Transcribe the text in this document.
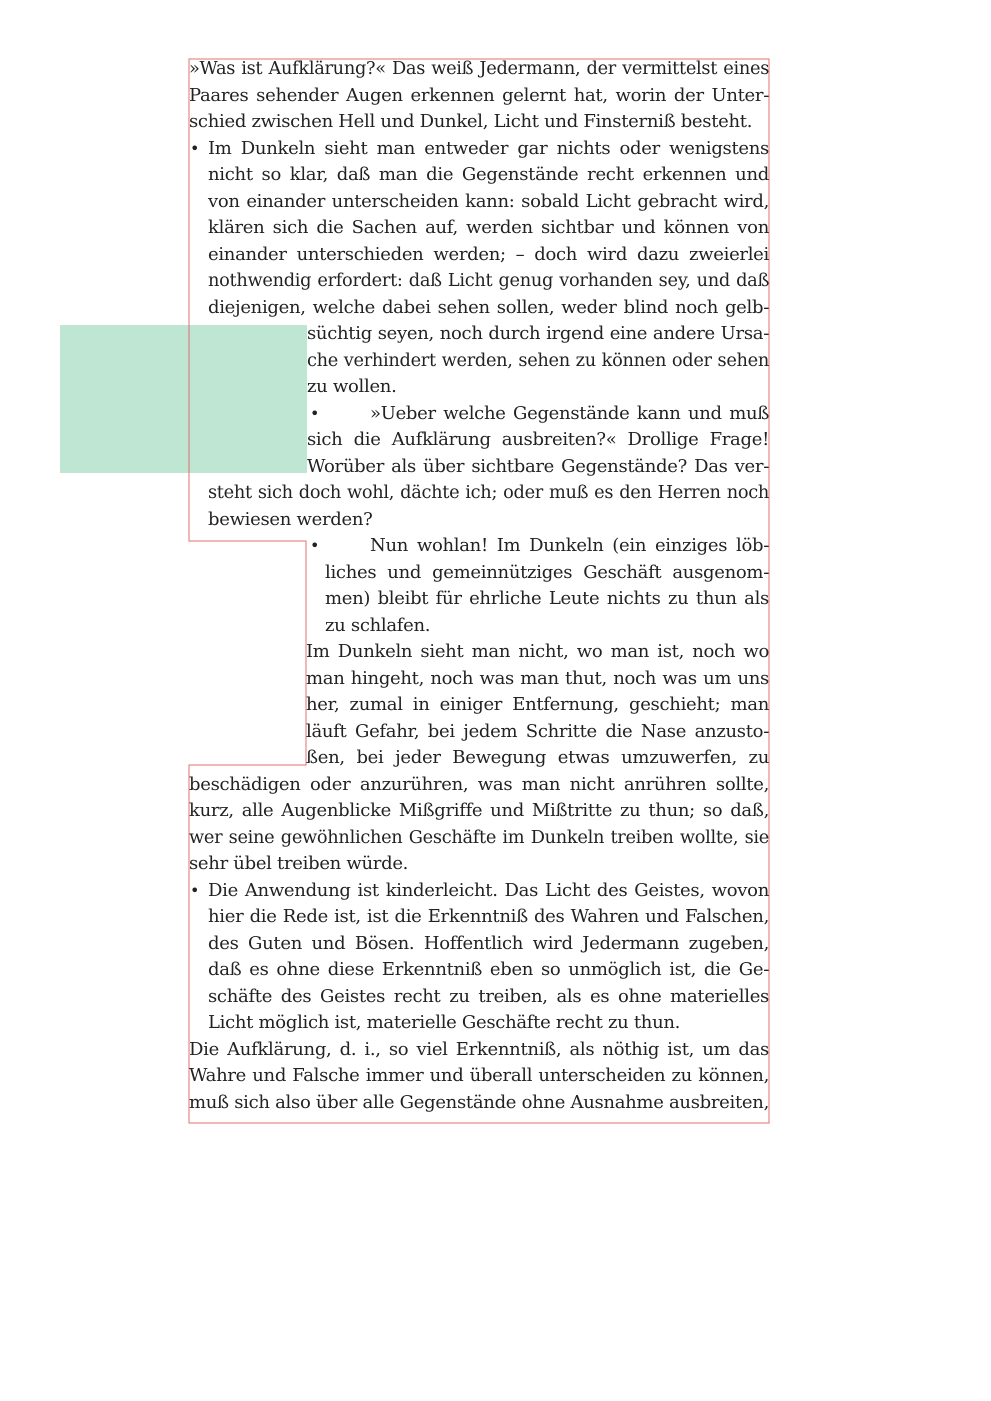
»Was ist Aufklärung?« Das weiß Jedermann, der vermittelst eines
Paares sehender Augen erkennen gelernt hat, worin der Unter-
schied zwischen Hell und Dunkel, Licht und Finsterniß besteht.
• Im Dunkeln sieht man entweder gar nichts oder wenigstens
nicht so klar, daß man die Gegenstände recht erkennen und
von einander unterscheiden kann: sobald Licht gebracht wird,
klären sich die Sachen auf, werden sichtbar und können von
einander unterschieden werden; – doch wird dazu zweierlei
nothwendig erfordert: daß Licht genug vorhanden sey, und daß
diejenigen, welche dabei sehen sollen, weder blind noch gelb-
süchtig seyen, noch durch irgend eine andere Ursa-
che verhindert werden, sehen zu können oder sehen
zu wollen.
•	»Ueber welche Gegenstände kann und muß
sich die Aufklärung ausbreiten?« Drollige Frage!
Worüber als über sichtbare Gegenstände? Das ver-
steht sich doch wohl, dächte ich; oder muß es den Herren noch
bewiesen werden?
•	Nun wohlan! Im Dunkeln (ein einziges löb-
liches und gemeinnütziges Geschäft ausgenom-
men) bleibt für ehrliche Leute nichts zu thun als
zu schlafen.
Im Dunkeln sieht man nicht, wo man ist, noch wo
man hingeht, noch was man thut, noch was um uns
her, zumal in einiger Entfernung, geschieht; man
läuft Gefahr, bei jedem Schritte die Nase anzusto-
ßen, bei jeder Bewegung etwas umzuwerfen, zu
beschädigen oder anzurühren, was man nicht anrühren sollte,
kurz, alle Augenblicke Mißgriffe und Mißtritte zu thun; so daß,
wer seine gewöhnlichen Geschäfte im Dunkeln treiben wollte, sie
sehr übel treiben würde.
• Die Anwendung ist kinderleicht. Das Licht des Geistes, wovon
hier die Rede ist, ist die Erkenntniß des Wahren und Falschen,
des Guten und Bösen. Hoffentlich wird Jedermann zugeben,
daß es ohne diese Erkenntniß eben so unmöglich ist, die Ge-
schäfte des Geistes recht zu treiben, als es ohne materielles
Licht möglich ist, materielle Geschäfte recht zu thun.
Die Aufklärung, d. i., so viel Erkenntniß, als nöthig ist, um das
Wahre und Falsche immer und überall unterscheiden zu können,
muß sich also über alle Gegenstände ohne Ausnahme ausbreiten,
